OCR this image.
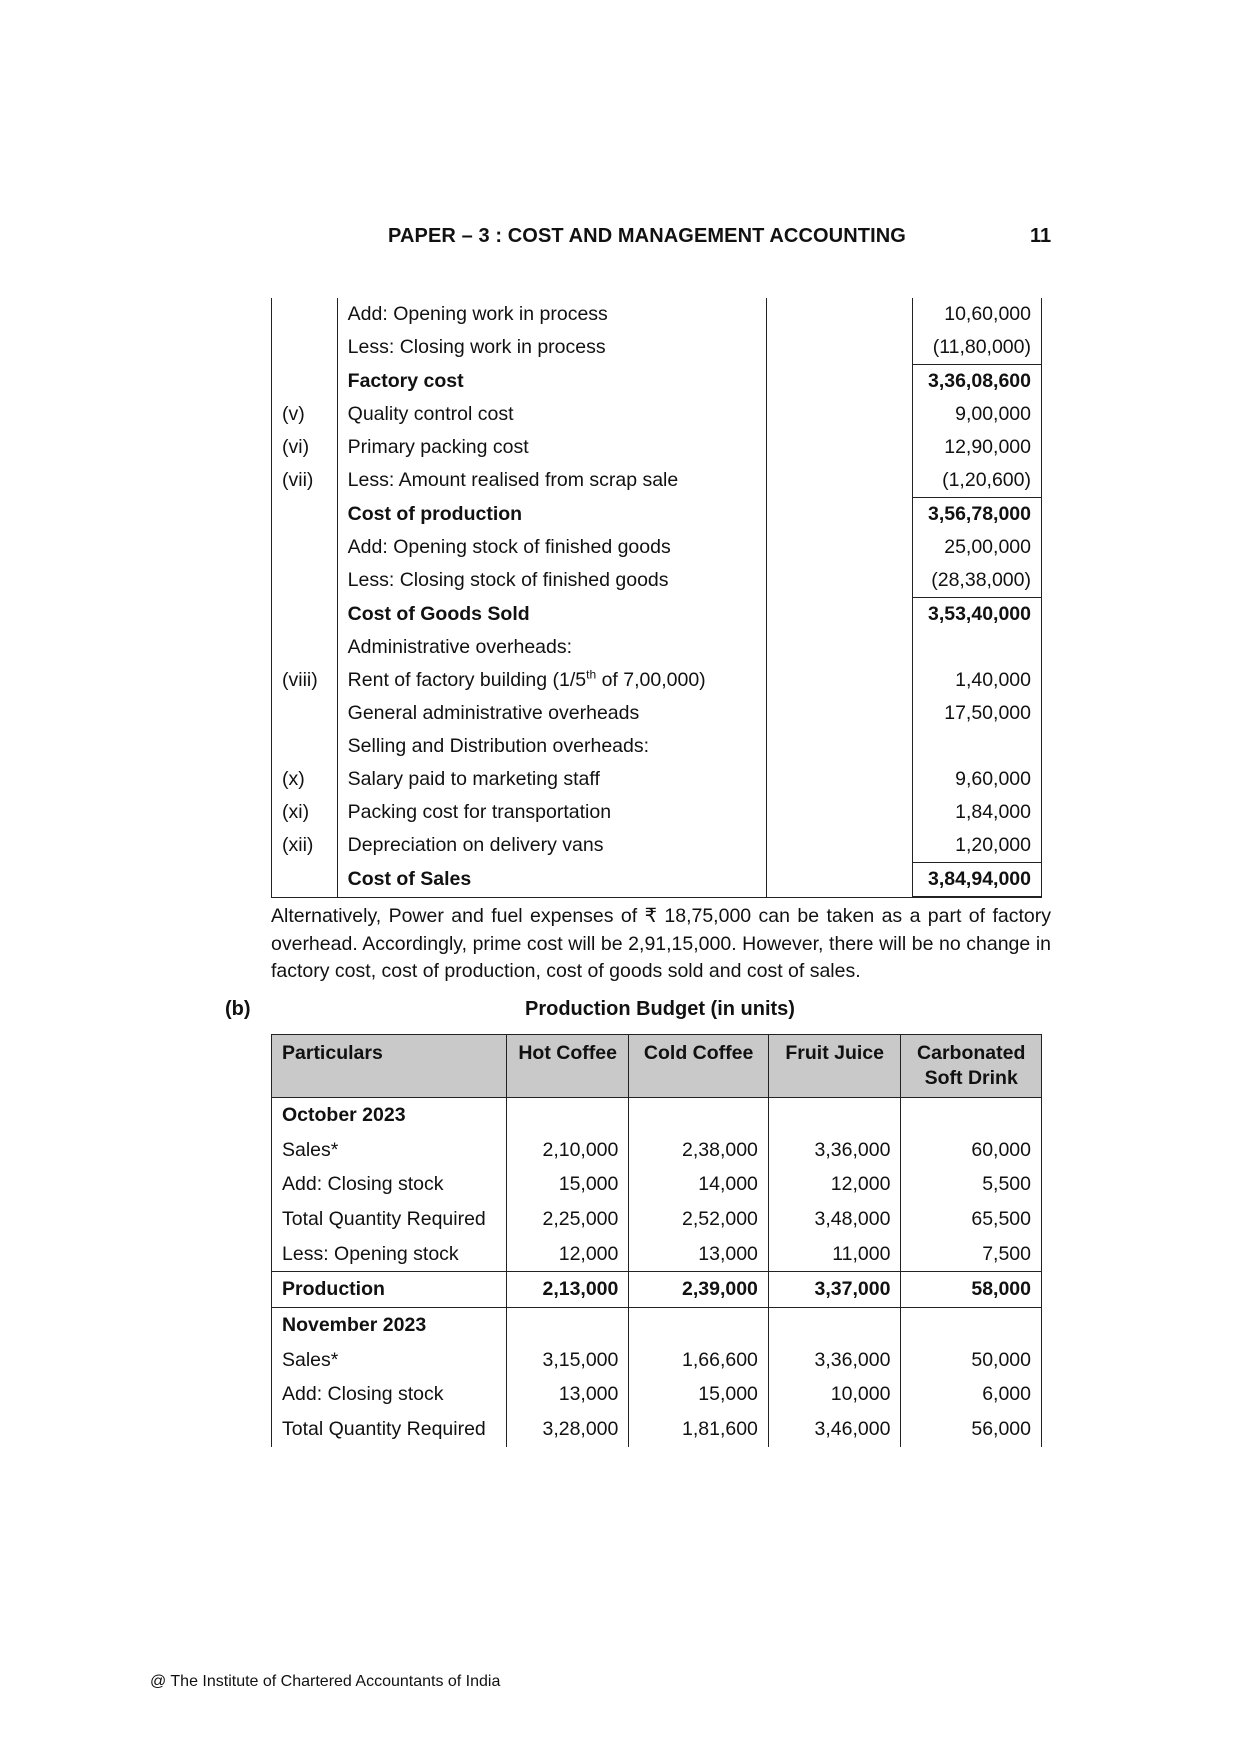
PAPER – 3 : COST AND MANAGEMENT ACCOUNTING	11
	Add: Opening work in process		10,60,000
	Less: Closing work in process		(11,80,000)
	Factory cost		3,36,08,600
(v)	Quality control cost		9,00,000
(vi)	Primary packing cost		12,90,000
(vii)	Less: Amount realised from scrap sale		(1,20,600)
	Cost of production		3,56,78,000
	Add: Opening stock of finished goods		25,00,000
	Less: Closing stock of finished goods		(28,38,000)
	Cost of Goods Sold		3,53,40,000
	Administrative overheads:		
(viii)	Rent of factory building (1/5th of 7,00,000)		1,40,000
	General administrative overheads		17,50,000
	Selling and Distribution overheads:		
(x)	Salary paid to marketing staff		9,60,000
(xi)	Packing cost for transportation		1,84,000
(xii)	Depreciation on delivery vans		1,20,000
	Cost of Sales		3,84,94,000
Alternatively, Power and fuel expenses of ₹ 18,75,000 can be taken as a part of factory overhead. Accordingly, prime cost will be 2,91,15,000. However, there will be no change in factory cost, cost of production, cost of goods sold and cost of sales.
(b)	Production Budget (in units)
Particulars	Hot Coffee	Cold Coffee	Fruit Juice	Carbonated Soft Drink
October 2023				
Sales*	2,10,000	2,38,000	3,36,000	60,000
Add: Closing stock	15,000	14,000	12,000	5,500
Total Quantity Required	2,25,000	2,52,000	3,48,000	65,500
Less: Opening stock	12,000	13,000	11,000	7,500
Production	2,13,000	2,39,000	3,37,000	58,000
November 2023				
Sales*	3,15,000	1,66,600	3,36,000	50,000
Add: Closing stock	13,000	15,000	10,000	6,000
Total Quantity Required	3,28,000	1,81,600	3,46,000	56,000
@ The Institute of Chartered Accountants of India
